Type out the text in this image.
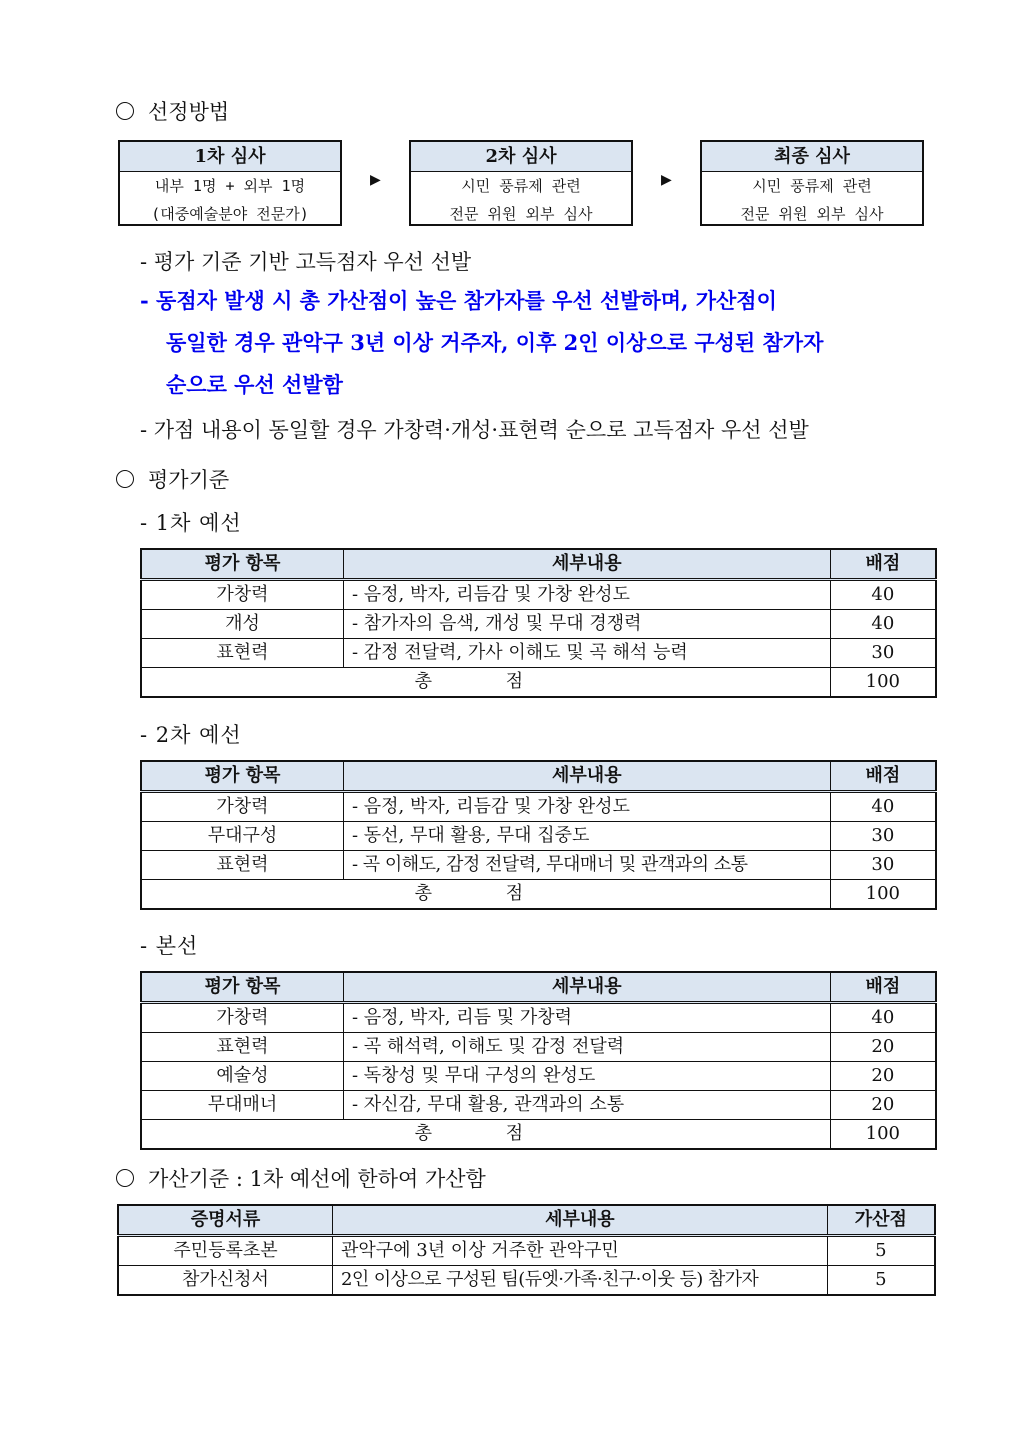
선정방법
1차 심사
내부 1명 + 외부 1명
(대중예술분야 전문가)
▶
2차 심사
시민 풍류제 관련
전문 위원 외부 심사
▶
최종 심사
시민 풍류제 관련
전문 위원 외부 심사
- 평가 기준 기반 고득점자 우선 선발
- 동점자 발생 시 총 가산점이 높은 참가자를 우선 선발하며, 가산점이
동일한 경우 관악구 3년 이상 거주자, 이후 2인 이상으로 구성된 참가자
순으로 우선 선발함
- 가점 내용이 동일할 경우 가창력·개성·표현력 순으로 고득점자 우선 선발
평가기준
- 1차 예선
평가 항목	세부내용	배점
가창력	- 음정, 박자, 리듬감 및 가창 완성도	40
개성	- 참가자의 음색, 개성 및 무대 경쟁력	40
표현력	- 감정 전달력, 가사 이해도 및 곡 해석 능력	30
총 점		100
- 2차 예선
평가 항목	세부내용	배점
가창력	- 음정, 박자, 리듬감 및 가창 완성도	40
무대구성	- 동선, 무대 활용, 무대 집중도	30
표현력	- 곡 이해도, 감정 전달력, 무대매너 및 관객과의 소통	30
총 점		100
- 본선
평가 항목	세부내용	배점
가창력	- 음정, 박자, 리듬 및 가창력	40
표현력	- 곡 해석력, 이해도 및 감정 전달력	20
예술성	- 독창성 및 무대 구성의 완성도	20
무대매너	- 자신감, 무대 활용, 관객과의 소통	20
총 점		100
가산기준 : 1차 예선에 한하여 가산함
증명서류	세부내용	가산점
주민등록초본	관악구에 3년 이상 거주한 관악구민	5
참가신청서	2인 이상으로 구성된 팀(듀엣·가족·친구·이웃 등) 참가자	5
